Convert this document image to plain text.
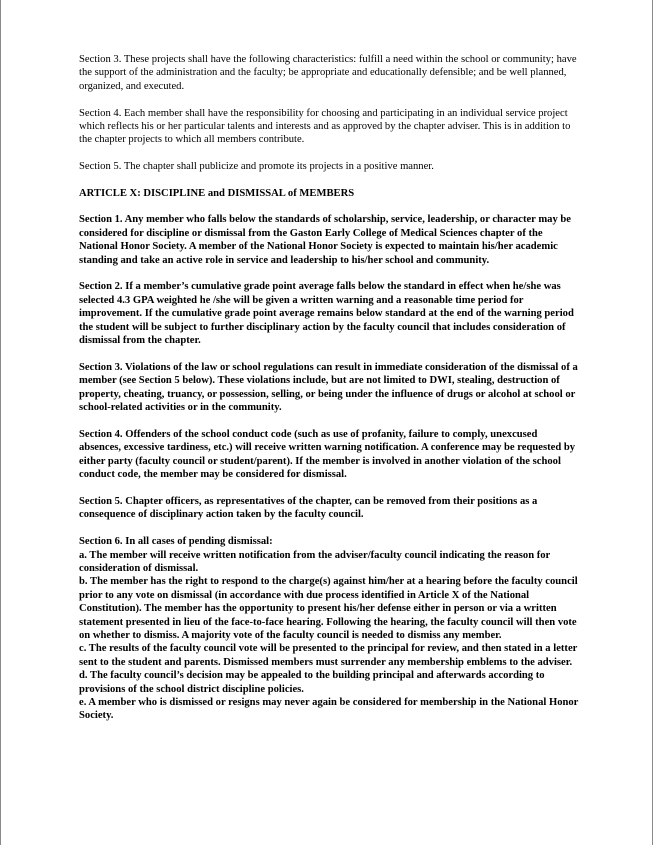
Section 3. These projects shall have the following characteristics: fulfill a need within the school or community; have the support of the administration and the faculty; be appropriate and educationally defensible; and be well planned, organized, and executed.

Section 4. Each member shall have the responsibility for choosing and participating in an individual service project which reflects his or her particular talents and interests and as approved by the chapter adviser. This is in addition to the chapter projects to which all members contribute.

Section 5. The chapter shall publicize and promote its projects in a positive manner.

ARTICLE X: DISCIPLINE and DISMISSAL of MEMBERS

Section 1. Any member who falls below the standards of scholarship, service, leadership, or character may be considered for discipline or dismissal from the Gaston Early College of Medical Sciences chapter of the National Honor Society. A member of the National Honor Society is expected to maintain his/her academic standing and take an active role in service and leadership to his/her school and community.

Section 2. If a member’s cumulative grade point average falls below the standard in effect when he/she was selected 4.3 GPA weighted he /she will be given a written warning and a reasonable time period for improvement. If the cumulative grade point average remains below standard at the end of the warning period the student will be subject to further disciplinary action by the faculty council that includes consideration of dismissal from the chapter.

Section 3. Violations of the law or school regulations can result in immediate consideration of the dismissal of a member (see Section 5 below). These violations include, but are not limited to DWI, stealing, destruction of property, cheating, truancy, or possession, selling, or being under the influence of drugs or alcohol at school or school-related activities or in the community.

Section 4. Offenders of the school conduct code (such as use of profanity, failure to comply, unexcused absences, excessive tardiness, etc.) will receive written warning notification. A conference may be requested by either party (faculty council or student/parent). If the member is involved in another violation of the school conduct code, the member may be considered for dismissal.

Section 5. Chapter officers, as representatives of the chapter, can be removed from their positions as a consequence of disciplinary action taken by the faculty council.

Section 6. In all cases of pending dismissal:

a. The member will receive written notification from the adviser/faculty council indicating the reason for consideration of dismissal.

b. The member has the right to respond to the charge(s) against him/her at a hearing before the faculty council prior to any vote on dismissal (in accordance with due process identified in Article X of the National Constitution). The member has the opportunity to present his/her defense either in person or via a written statement presented in lieu of the face-to-face hearing. Following the hearing, the faculty council will then vote on whether to dismiss. A majority vote of the faculty council is needed to dismiss any member.

c. The results of the faculty council vote will be presented to the principal for review, and then stated in a letter sent to the student and parents. Dismissed members must surrender any membership emblems to the adviser.

d. The faculty council’s decision may be appealed to the building principal and afterwards according to provisions of the school district discipline policies.

e. A member who is dismissed or resigns may never again be considered for membership in the National Honor Society.
